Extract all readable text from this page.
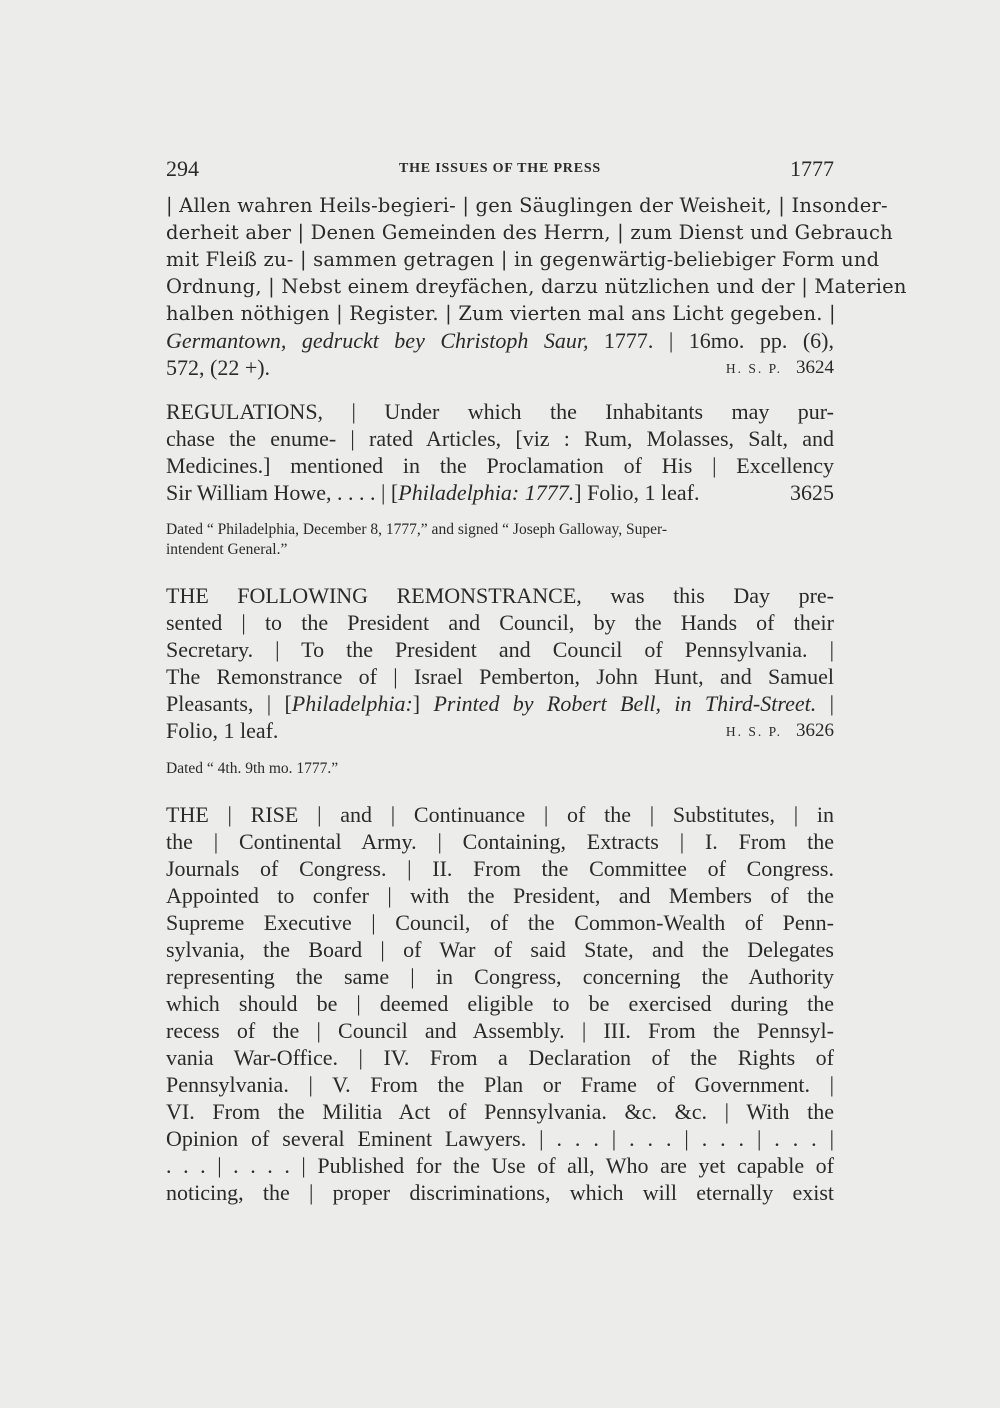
294	THE ISSUES OF THE PRESS	1777
| Allen wahren Heils-begieri- | gen Säuglingen der Weisheit, | Insonder-
derheit aber | Denen Gemeinden des Herrn, | zum Dienst und Gebrauch
mit Fleiß zu- | sammen getragen | in gegenwärtig-beliebiger Form und
Ordnung, | Nebst einem dreyfächen, darzu nützlichen und der | Materien
halben nöthigen | Register. | Zum vierten mal ans Licht gegeben. |
Germantown, gedruckt bey Christoph Saur, 1777. | 16mo. pp. (6),
572, (22 +).	H. S. P. 3624
REGULATIONS, | Under which the Inhabitants may pur-
chase the enume- | rated Articles, [viz : Rum, Molasses, Salt, and
Medicines.] mentioned in the Proclamation of His | Excellency
Sir William Howe, . . . . | [Philadelphia: 1777.] Folio, 1 leaf.	3625
Dated “ Philadelphia, December 8, 1777,” and signed “ Joseph Galloway, Super-
intendent General.”
THE FOLLOWING REMONSTRANCE, was this Day pre-
sented | to the President and Council, by the Hands of their
Secretary. | To the President and Council of Pennsylvania. |
The Remonstrance of | Israel Pemberton, John Hunt, and Samuel
Pleasants, | [Philadelphia:] Printed by Robert Bell, in Third-Street. |
Folio, 1 leaf.	H. S. P. 3626
Dated “ 4th. 9th mo. 1777.”
THE | RISE | and | Continuance | of the | Substitutes, | in
the | Continental Army. | Containing, Extracts | I. From the
Journals of Congress. | II. From the Committee of Congress.
Appointed to confer | with the President, and Members of the
Supreme Executive | Council, of the Common-Wealth of Penn-
sylvania, the Board | of War of said State, and the Delegates
representing the same | in Congress, concerning the Authority
which should be | deemed eligible to be exercised during the
recess of the | Council and Assembly. | III. From the Pennsyl-
vania War-Office. | IV. From a Declaration of the Rights of
Pennsylvania. | V. From the Plan or Frame of Government. |
VI. From the Militia Act of Pennsylvania. &c. &c. | With the
Opinion of several Eminent Lawyers. | . . . | . . . | . . . | . . . |
. . . | . . . . | Published for the Use of all, Who are yet capable of
noticing, the | proper discriminations, which will eternally exist
